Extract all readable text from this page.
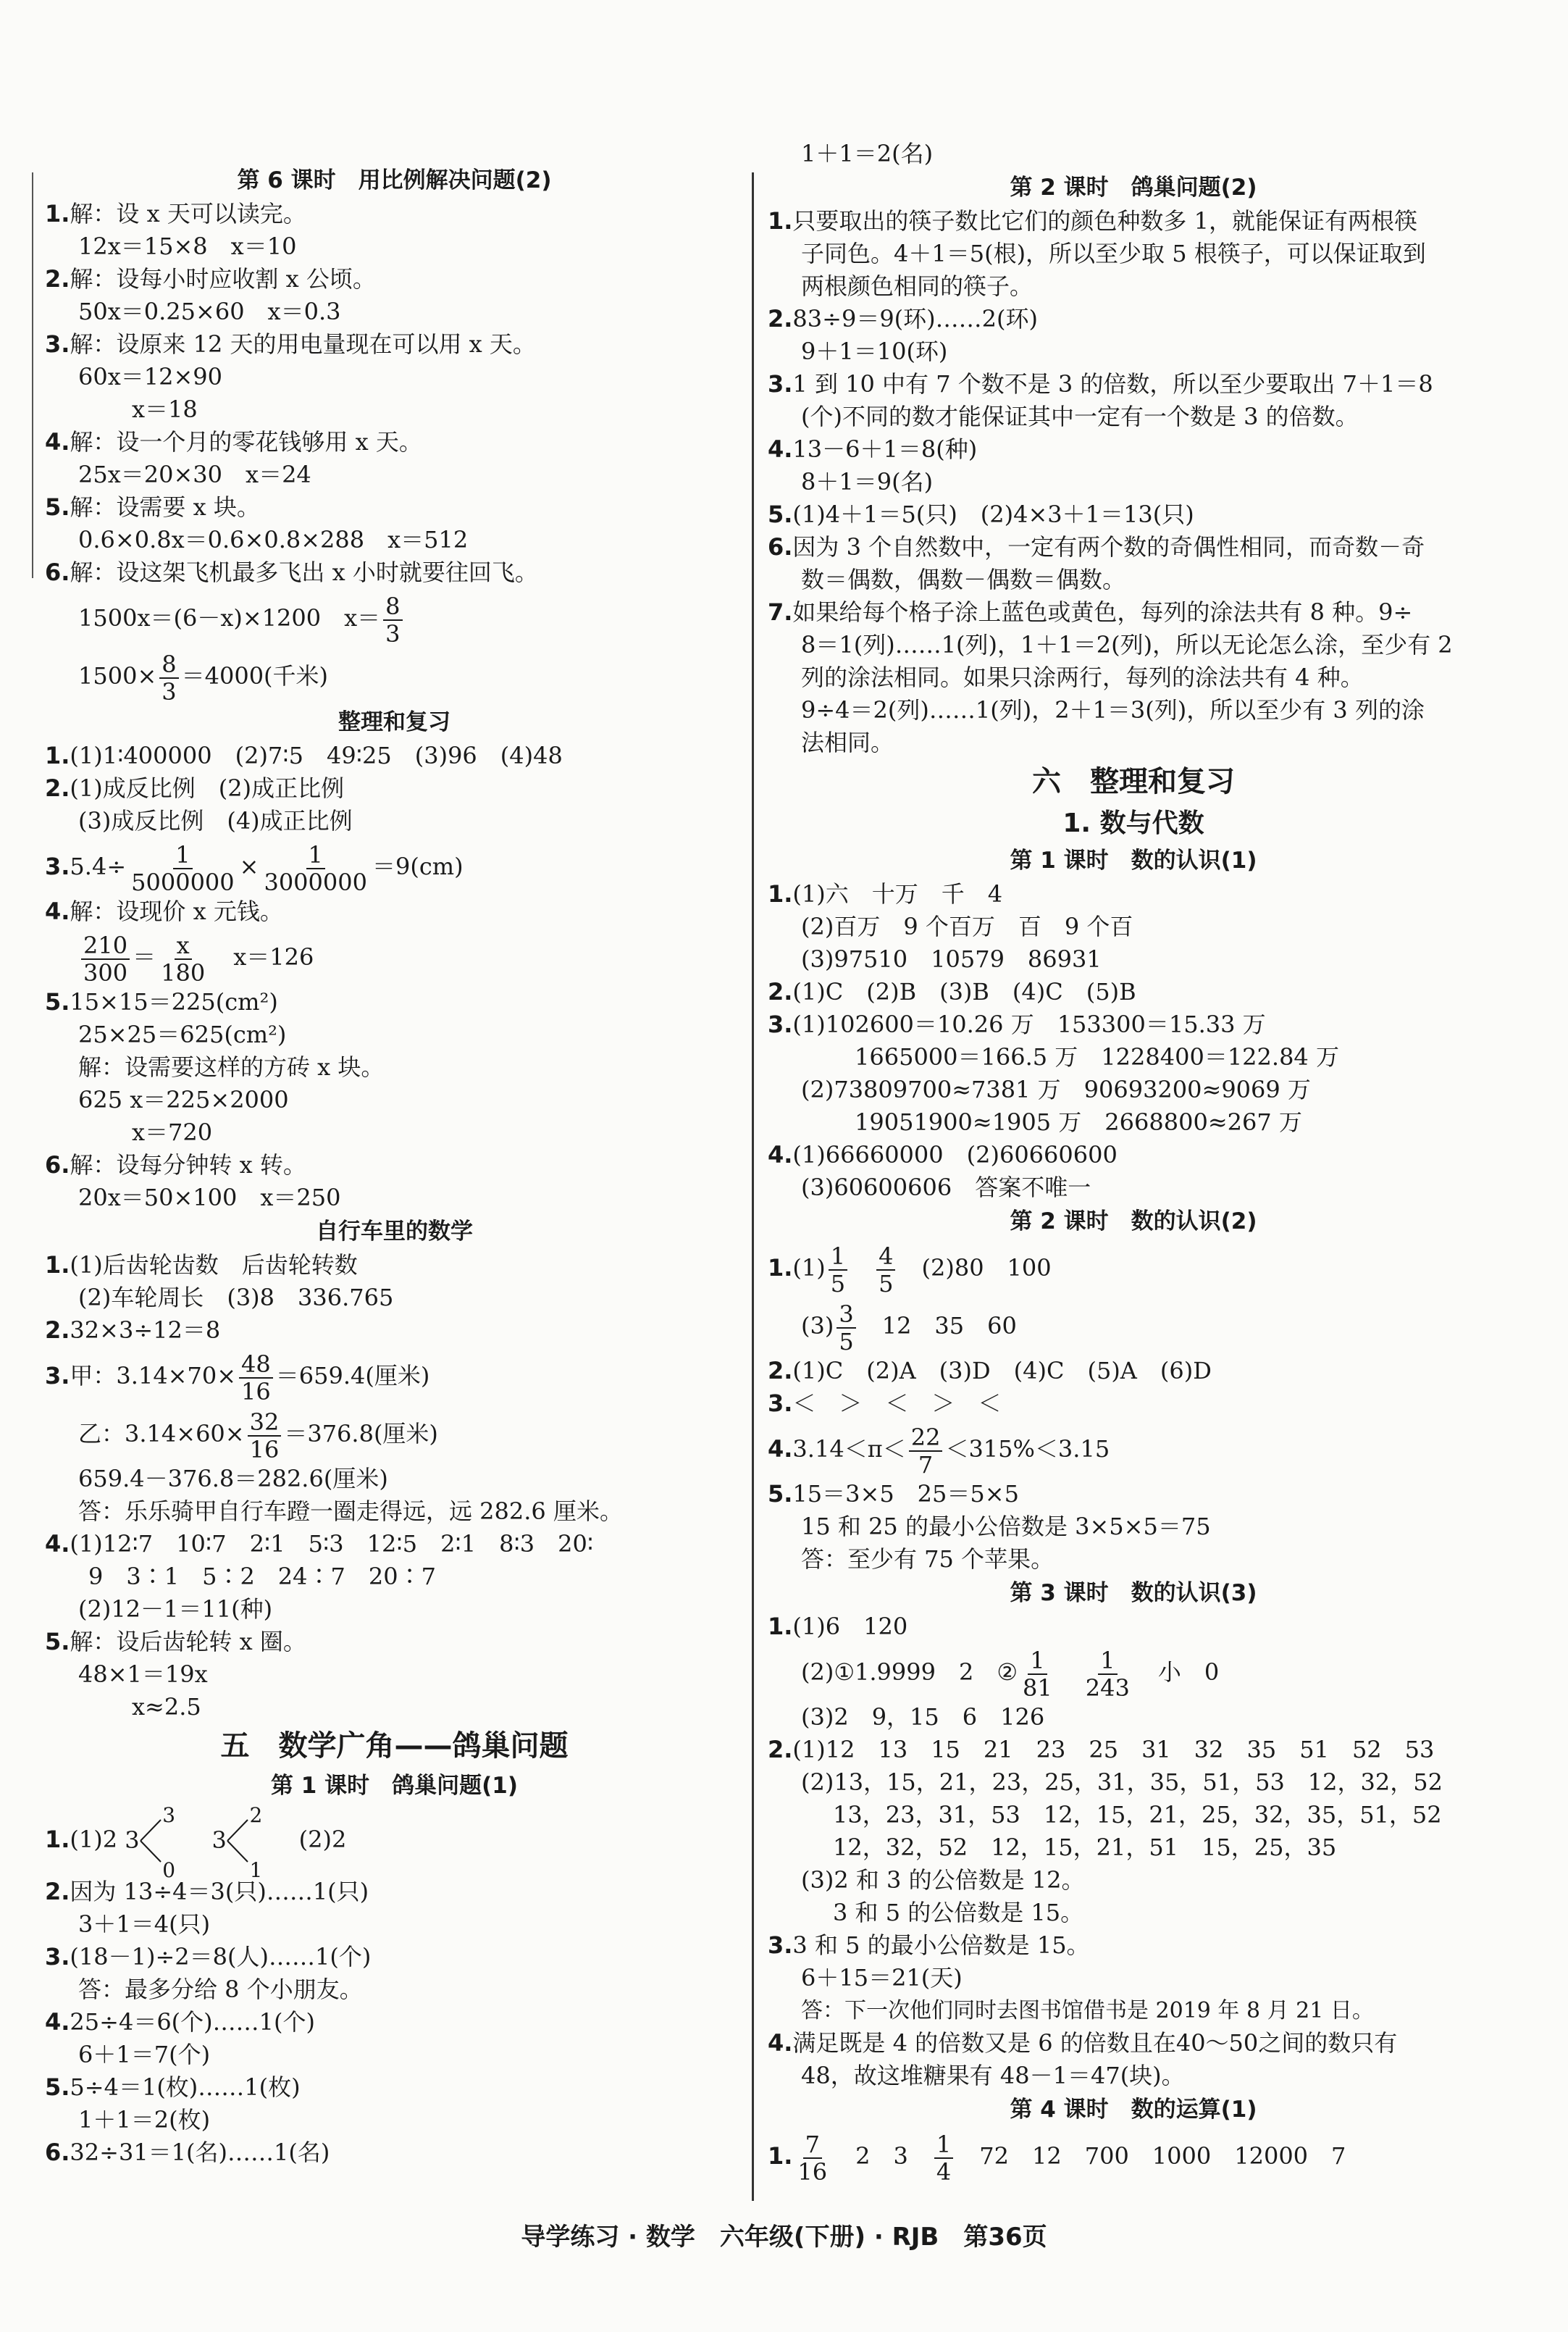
第 6 课时　用比例解决问题(2)
1.解：设 x 天可以读完。
12x＝15×8　x＝10
2.解：设每小时应收割 x 公顷。
50x＝0.25×60　x＝0.3
3.解：设原来 12 天的用电量现在可以用 x 天。
60x＝12×90
x＝18
4.解：设一个月的零花钱够用 x 天。
25x＝20×30　x＝24
5.解：设需要 x 块。
0.6×0.8x＝0.6×0.8×288　x＝512
6.解：设这架飞机最多飞出 x 小时就要往回飞。
1500x＝(6－x)×1200　$x= \frac{8}{3}$
$1500\times \frac{8}{3} =4000$(千米)
整理和复习
1.(1)1∶400000　(2)7∶5　49∶25　(3)96　(4)48
2.(1)成反比例　(2)成正比例
(3)成反比例　(4)成正比例
$3.5.4\div \frac{1}{5000000} \times \frac{1}{3000000} =9(cm)$
4.解：设现价 x 元钱。
$\frac{210}{300} = \frac{x}{180}$
　 x＝126
5.15×15＝225(cm²)
25×25＝625(cm²)
解：设需要这样的方砖 x 块。
625 x＝225×2000
x＝720
6.解：设每分钟转 x 转。
20x＝50×100　x＝250
自行车里的数学
1.(1)后齿轮齿数　后齿轮转数
(2)车轮周长　(3)8　336.765
2.32×3÷12＝8
3.甲：$3.14\times 70\times \frac{48}{16} =659.4$(厘米)
乙：$3.14\times 60\times \frac{32}{16} =376.8$(厘米)
659.4－376.8＝282.6(厘米)
答：乐乐骑甲自行车蹬一圈走得远，远 282.6 厘米。
4.(1)12∶7　10∶7　2∶1　5∶3　12∶5　2∶1　8∶3　20∶
9　3∶1　5∶2　24∶7　20∶7
(2)12－1＝11(种)
5.解：设后齿轮转 x 圈。
48×1＝19x
x≈2.5
五　数学广角——鸽巢问题
第 1 课时　鸽巢问题(1)
1.(1)2 3
3
0

3
2
1
(2)2
2.因为 13÷4＝3(只)……1(只)
3＋1＝4(只)
3.(18－1)÷2＝8(人)……1(个)
答：最多分给 8 个小朋友。
4.25÷4＝6(个)……1(个)
6＋1＝7(个)
5.5÷4＝1(枚)……1(枚)
1＋1＝2(枚)
6.32÷31＝1(名)……1(名)
1＋1＝2(名)
第 2 课时　鸽巢问题(2)
1.只要取出的筷子数比它们的颜色种数多 1，就能保证有两根筷
子同色。4＋1＝5(根)，所以至少取 5 根筷子，可以保证取到
两根颜色相同的筷子。
2.83÷9＝9(环)……2(环)
9＋1＝10(环)
3.1 到 10 中有 7 个数不是 3 的倍数，所以至少要取出 7＋1＝8
(个)不同的数才能保证其中一定有一个数是 3 的倍数。
4.13－6＋1＝8(种)
8＋1＝9(名)
5.(1)4＋1＝5(只)　(2)4×3＋1＝13(只)
6.因为 3 个自然数中，一定有两个数的奇偶性相同，而奇数－奇
数＝偶数，偶数－偶数＝偶数。
7.如果给每个格子涂上蓝色或黄色，每列的涂法共有 8 种。9÷
8＝1(列)……1(列)，1＋1＝2(列)，所以无论怎么涂，至少有 2
列的涂法相同。如果只涂两行，每列的涂法共有 4 种。
9÷4＝2(列)……1(列)，2＋1＝3(列)，所以至少有 3 列的涂
法相同。
六　整理和复习
1. 数与代数
第 1 课时　数的认识(1)
1.(1)六　十万　千　4
(2)百万　9 个百万　百　9 个百
(3)97510　10579　86931
2.(1)C　(2)B　(3)B　(4)C　(5)B
3.(1)102600＝10.26 万　153300＝15.33 万
1665000＝166.5 万　1228400＝122.84 万
(2)73809700≈7381 万　90693200≈9069 万
19051900≈1905 万　2668800≈267 万
4.(1)66660000　(2)60660600
(3)60600606　答案不唯一
第 2 课时　数的认识(2)
$1.(1) \frac{1}{5}$
　 $\frac{4}{5}$
　 (2)80　100
$(3) \frac{3}{5}$
　 12　35　60
2.(1)C　(2)A　(3)D　(4)C　(5)A　(6)D
3.＜　＞　＜　＞　＜
$4.3.14<\pi< \frac{22}{7} <315\%<3.15$
5.15＝3×5　25＝5×5
15 和 25 的最小公倍数是 3×5×5＝75
答：至少有 75 个苹果。
第 3 课时　数的认识(3)
1.(1)6　120
(2)①1.9999　2　② $\frac{1}{81}$
　 $\frac{1}{243}$
　 小　0
(3)2　9，15　6　126
2.(1)12　13　15　21　23　25　31　32　35　51　52　53
(2)13，15，21，23，25，31，35，51，53　12，32，52
13，23，31，53　12，15，21，25，32，35，51，52
12，32，52　12，15，21，51　15，25，35
(3)2 和 3 的公倍数是 12。
3 和 5 的公倍数是 15。
3.3 和 5 的最小公倍数是 15。
6＋15＝21(天)
答：下一次他们同时去图书馆借书是 2019 年 8 月 21 日。
4.满足既是 4 的倍数又是 6 的倍数且在40～50之间的数只有
48，故这堆糖果有 48－1＝47(块)。
第 4 课时　数的运算(1)
1. $\frac{7}{16}$
　 2　3　 $\frac{1}{4}$
　 72　12　700　1000　12000　7
导学练习 · 数学　六年级(下册) · RJB　第36页
